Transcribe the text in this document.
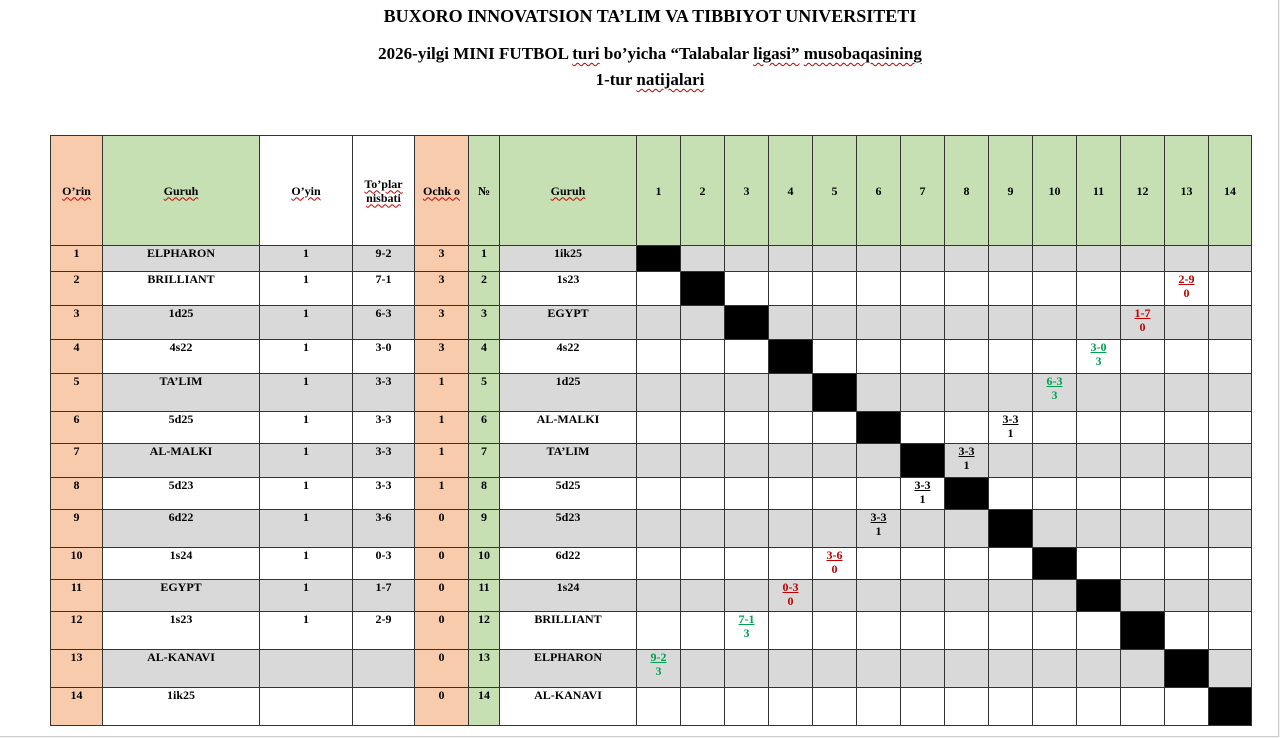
BUXORO INNOVATSION TA’LIM VA TIBBIYOT UNIVERSITETI
2026-yilgi MINI FUTBOL turi bo’yicha “Talabalar ligasi” musobaqasining
1-tur natijalari
O’rin	Guruh	O’yin	To’plar nisbati	Ochk o	№	Guruh	1	2	3	4	5	6	7	8	9	10	11	12	13	14
1	ELPHARON	1	9-2	3	1	1ik25														
2	BRILLIANT	1	7-1	3	2	1s23													2-9
0	

3	1d25	1	6-3	3	3	EGYPT												1-7
0		

4	4s22	1	3-0	3	4	4s22											3-0
3			

5	TA’LIM	1	3-3	1	5	1d25										6-3
3				

6	5d25	1	3-3	1	6	AL-MALKI									3-3
1					

7	AL-MALKI	1	3-3	1	7	TA’LIM								3-3
1						

8	5d23	1	3-3	1	8	5d25							3-3
1							

9	6d22	1	3-6	0	9	5d23						3-3
1								

10	1s24	1	0-3	0	10	6d22					3-6
0									

11	EGYPT	1	1-7	0	11	1s24				0-3
0										

12	1s23	1	2-9	0	12	BRILLIANT			7-1
3											

13	AL-KANAVI			0	13	ELPHARON	9-2
3													

14	1ik25			0	14	AL-KANAVI														
